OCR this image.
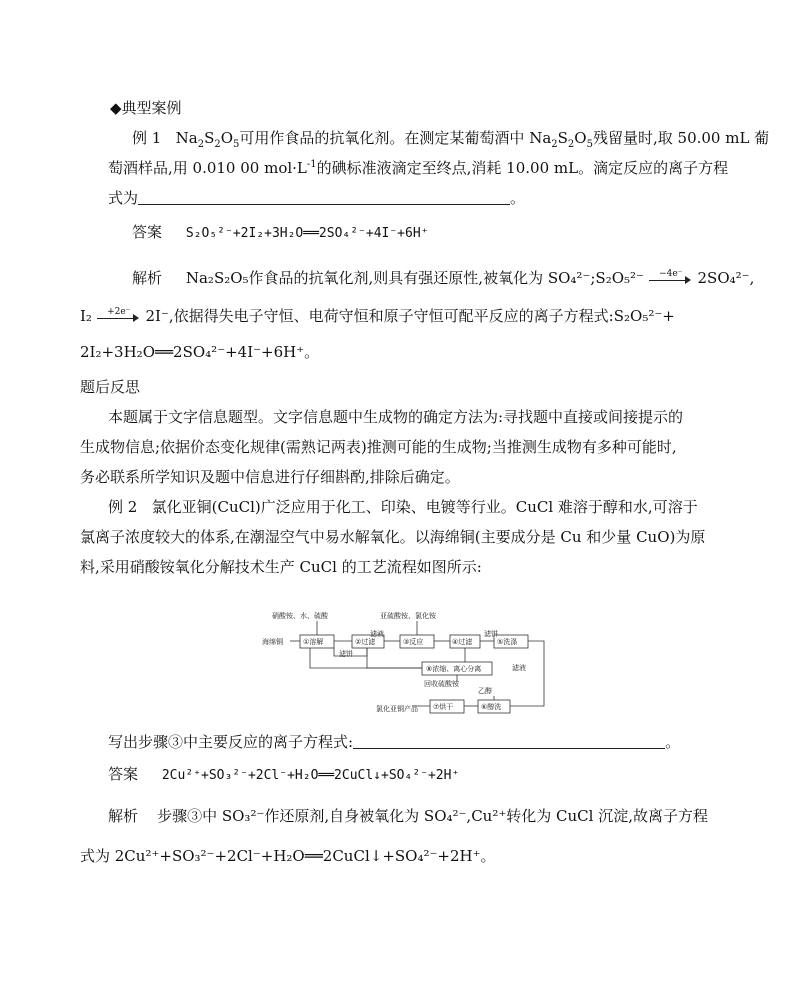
◆典型案例
例 1 $Na_2S_2O_5$可用作食品的抗氧化剂。在测定某葡萄酒中 $Na_2S_2O_5$残留量时,取 50.00 mL 葡
萄酒样品,用 0.010 00 $mol\cdot L^{-1}$的碘标准液滴定至终点,消耗 10.00 mL。滴定反应的离子方程
式为	。
答案 S₂O₅²⁻+2I₂+3H₂O══2SO₄²⁻+4I⁻+6H⁺
解析 Na₂S₂O₅作食品的抗氧化剂,则具有强还原性,被氧化为 SO₄²⁻;S₂O₅²⁻	−4e⁻	2SO₄²⁻,
I₂	+2e⁻	2I⁻,依据得失电子守恒、电荷守恒和原子守恒可配平反应的离子方程式:S₂O₅²⁻+
2I₂+3H₂O══2SO₄²⁻+4I⁻+6H⁺。
题后反思
本题属于文字信息题型。文字信息题中生成物的确定方法为:寻找题中直接或间接提示的
生成物信息;依据价态变化规律(需熟记两表)推测可能的生成物;当推测生成物有多种可能时,
务必联系所学知识及题中信息进行仔细斟酌,排除后确定。
例 2 氯化亚铜(CuCl)广泛应用于化工、印染、电镀等行业。CuCl 难溶于醇和水,可溶于
氯离子浓度较大的体系,在潮湿空气中易水解氧化。以海绵铜(主要成分是 Cu 和少量 CuO)为原
料,采用硝酸铵氧化分解技术生产 CuCl 的工艺流程如图所示:
硝酸铵、水、硫酸	亚硫酸铵、氯化铵
海绵铜
滤液	滤饼
滤饼
滤液
回收硫酸铵
乙醇
氯化亚铜产品
①溶解	②过滤	③反应	④过滤	⑤洗涤
⑧浓缩、离心分离
⑥醇洗
⑦烘干
写出步骤③中主要反应的离子方程式:	。
答案 2Cu²⁺+SO₃²⁻+2Cl⁻+H₂O══2CuCl↓+SO₄²⁻+2H⁺
解析 步骤③中 SO₃²⁻作还原剂,自身被氧化为 SO₄²⁻,Cu²⁺转化为 CuCl 沉淀,故离子方程
式为 2Cu²⁺+SO₃²⁻+2Cl⁻+H₂O══2CuCl↓+SO₄²⁻+2H⁺。
